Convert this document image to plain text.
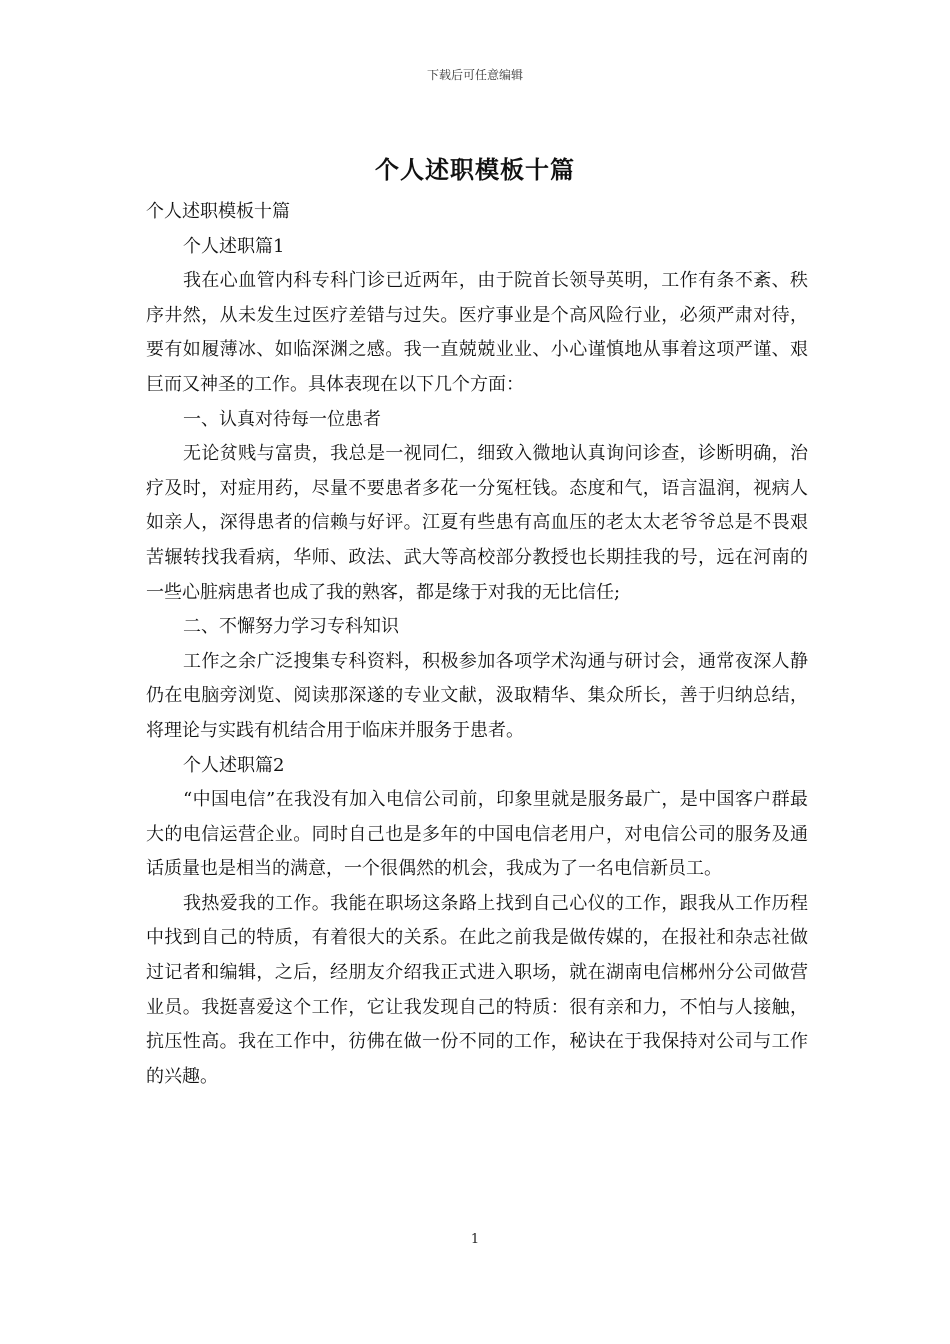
下载后可任意编辑
个人述职模板十篇

个人述职模板十篇

个人述职篇1

我在心血管内科专科门诊已近两年，由于院首长领导英明，工作有条不紊、秩序井然，从未发生过医疗差错与过失。医疗事业是个高风险行业，必须严肃对待，要有如履薄冰、如临深渊之感。我一直兢兢业业、小心谨慎地从事着这项严谨、艰巨而又神圣的工作。具体表现在以下几个方面：

一、认真对待每一位患者

无论贫贱与富贵，我总是一视同仁，细致入微地认真询问诊查，诊断明确，治疗及时，对症用药，尽量不要患者多花一分冤枉钱。态度和气，语言温润，视病人如亲人，深得患者的信赖与好评。江夏有些患有高血压的老太太老爷爷总是不畏艰苦辗转找我看病，华师、政法、武大等高校部分教授也长期挂我的号，远在河南的一些心脏病患者也成了我的熟客，都是缘于对我的无比信任;

二、不懈努力学习专科知识

工作之余广泛搜集专科资料，积极参加各项学术沟通与研讨会，通常夜深人静仍在电脑旁浏览、阅读那深遂的专业文献，汲取精华、集众所长，善于归纳总结，将理论与实践有机结合用于临床并服务于患者。

个人述职篇2

“中国电信”在我没有加入电信公司前，印象里就是服务最广，是中国客户群最大的电信运营企业。同时自己也是多年的中国电信老用户，对电信公司的服务及通话质量也是相当的满意，一个很偶然的机会，我成为了一名电信新员工。

我热爱我的工作。我能在职场这条路上找到自己心仪的工作，跟我从工作历程中找到自己的特质，有着很大的关系。在此之前我是做传媒的，在报社和杂志社做过记者和编辑，之后，经朋友介绍我正式进入职场，就在湖南电信郴州分公司做营业员。我挺喜爱这个工作，它让我发现自己的特质：很有亲和力，不怕与人接触，抗压性高。我在工作中，彷佛在做一份不同的工作，秘诀在于我保持对公司与工作的兴趣。

1
